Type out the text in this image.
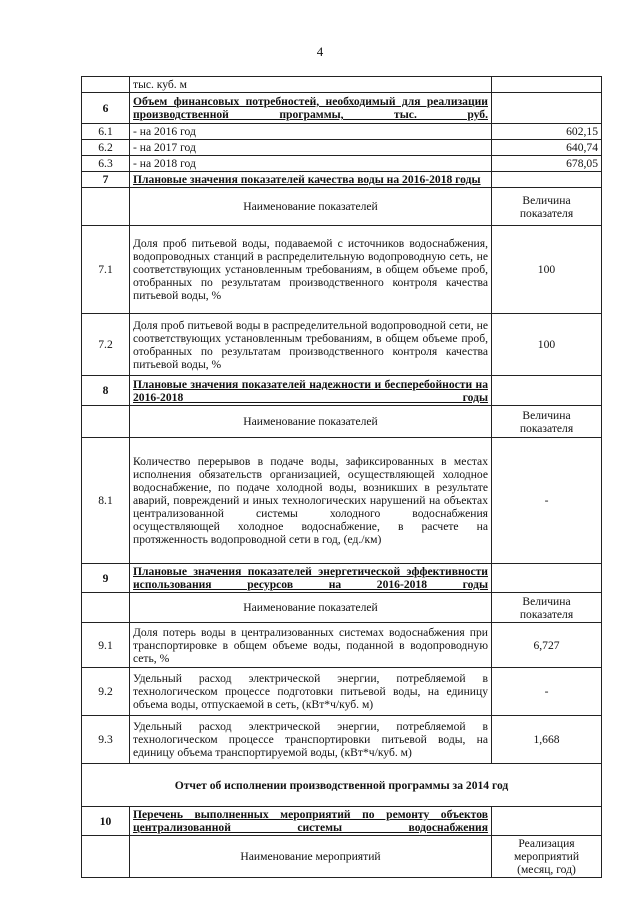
4
	тыс. куб. м	
6	Объем финансовых потребностей, необходимый для реализации производственной программы, тыс. руб.	
6.1	- на 2016 год	602,15
6.2	- на 2017 год	640,74
6.3	- на 2018 год	678,05
7	Плановые значения показателей качества воды на 2016-2018 годы	
	Наименование показателей	Величина показателя
7.1	Доля проб питьевой воды, подаваемой с источников водоснабжения, водопроводных станций в распределительную водопроводную сеть, не соответствующих установленным требованиям, в общем объеме проб, отобранных по результатам производственного контроля качества питьевой воды, %	100
7.2	Доля проб питьевой воды в распределительной водопроводной сети, не соответствующих установленным требованиям, в общем объеме проб, отобранных по результатам производственного контроля качества питьевой воды, %	100
8	Плановые значения показателей надежности и бесперебойности на 2016-2018 годы	
	Наименование показателей	Величина показателя
8.1	Количество перерывов в подаче воды, зафиксированных в местах исполнения обязательств организацией, осуществляющей холодное водоснабжение, по подаче холодной воды, возникших в результате аварий, повреждений и иных технологических нарушений на объектах централизованной системы холодного водоснабжения осуществляющей холодное водоснабжение, в расчете на протяженность водопроводной сети в год, (ед./км)	-
9	Плановые значения показателей энергетической эффективности использования ресурсов на 2016-2018 годы	
	Наименование показателей	Величина показателя
9.1	Доля потерь воды в централизованных системах водоснабжения при транспортировке в общем объеме воды, поданной в водопроводную сеть, %	6,727
9.2	Удельный расход электрической энергии, потребляемой в технологическом процессе подготовки питьевой воды, на единицу объема воды, отпускаемой в сеть, (кВт*ч/куб. м)	-
9.3	Удельный расход электрической энергии, потребляемой в технологическом процессе транспортировки питьевой воды, на единицу объема транспортируемой воды, (кВт*ч/куб. м)	1,668
Отчет об исполнении производственной программы за 2014 год		
10	Перечень выполненных мероприятий по ремонту объектов централизованной системы водоснабжения	
	Наименование мероприятий	Реализация мероприятий (месяц, год)
